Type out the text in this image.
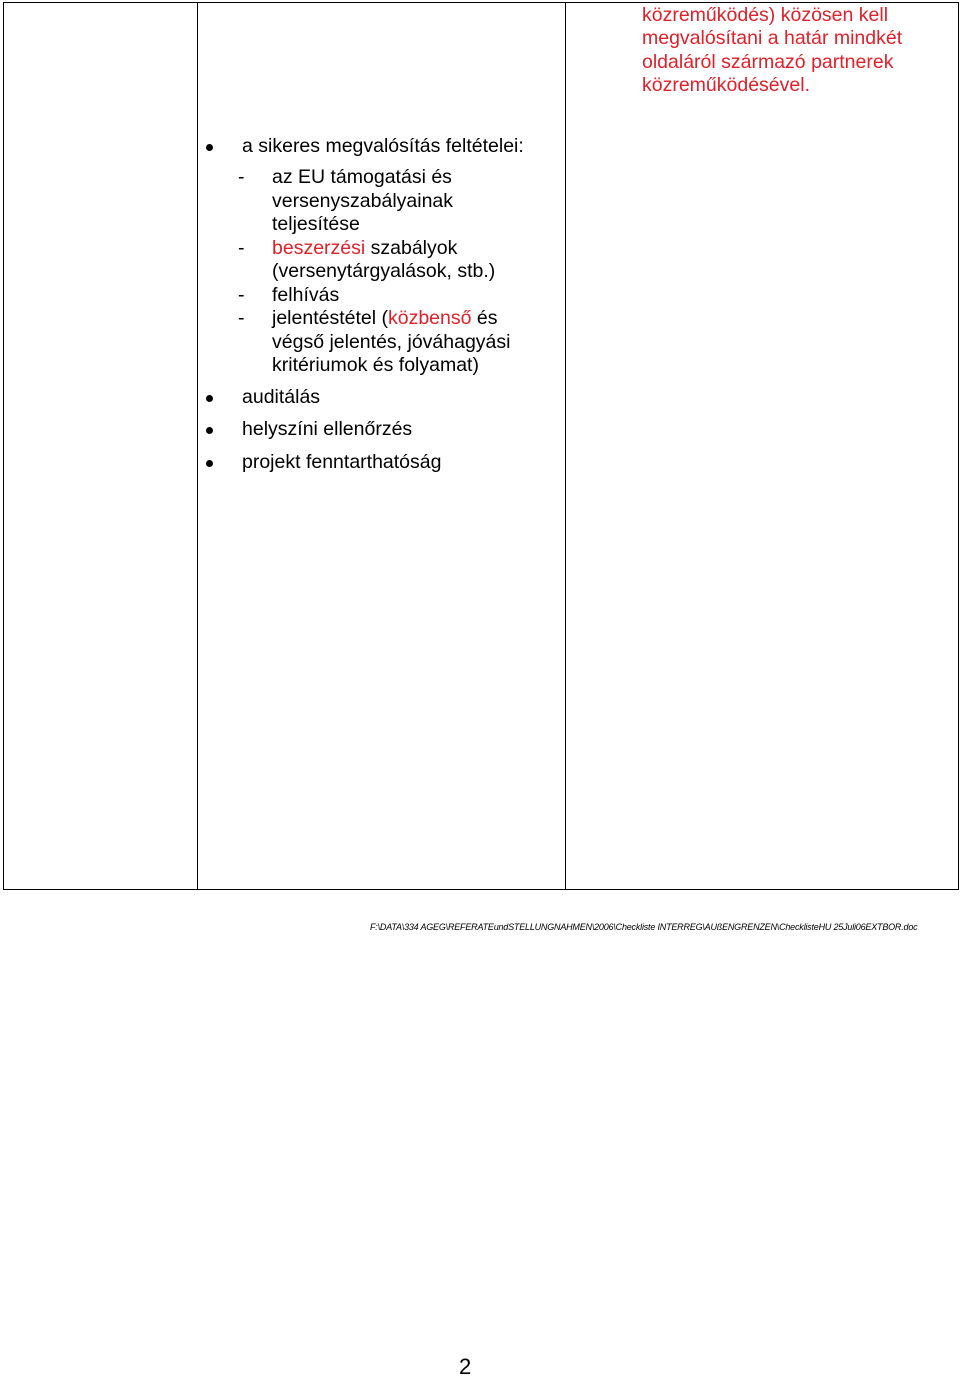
a sikeres megvalósítás feltételei:
- az EU támogatási és
versenyszabályainak
teljesítése
- beszerzési szabályok
(versenytárgyalások, stb.)
- felhívás
- jelentéstétel (közbenső és
végső jelentés, jóváhagyási
kritériumok és folyamat)
auditálás
helyszíni ellenőrzés
projekt fenntarthatóság
közreműködés) közösen kell
megvalósítani a határ mindkét
oldaláról származó partnerek
közreműködésével.
F:\DATA\334 AGEG\REFERATEundSTELLUNGNAHMEN\2006\Checkliste INTERREG\AUßENGRENZEN\ChecklisteHU 25Juli06EXTBOR.doc
2
